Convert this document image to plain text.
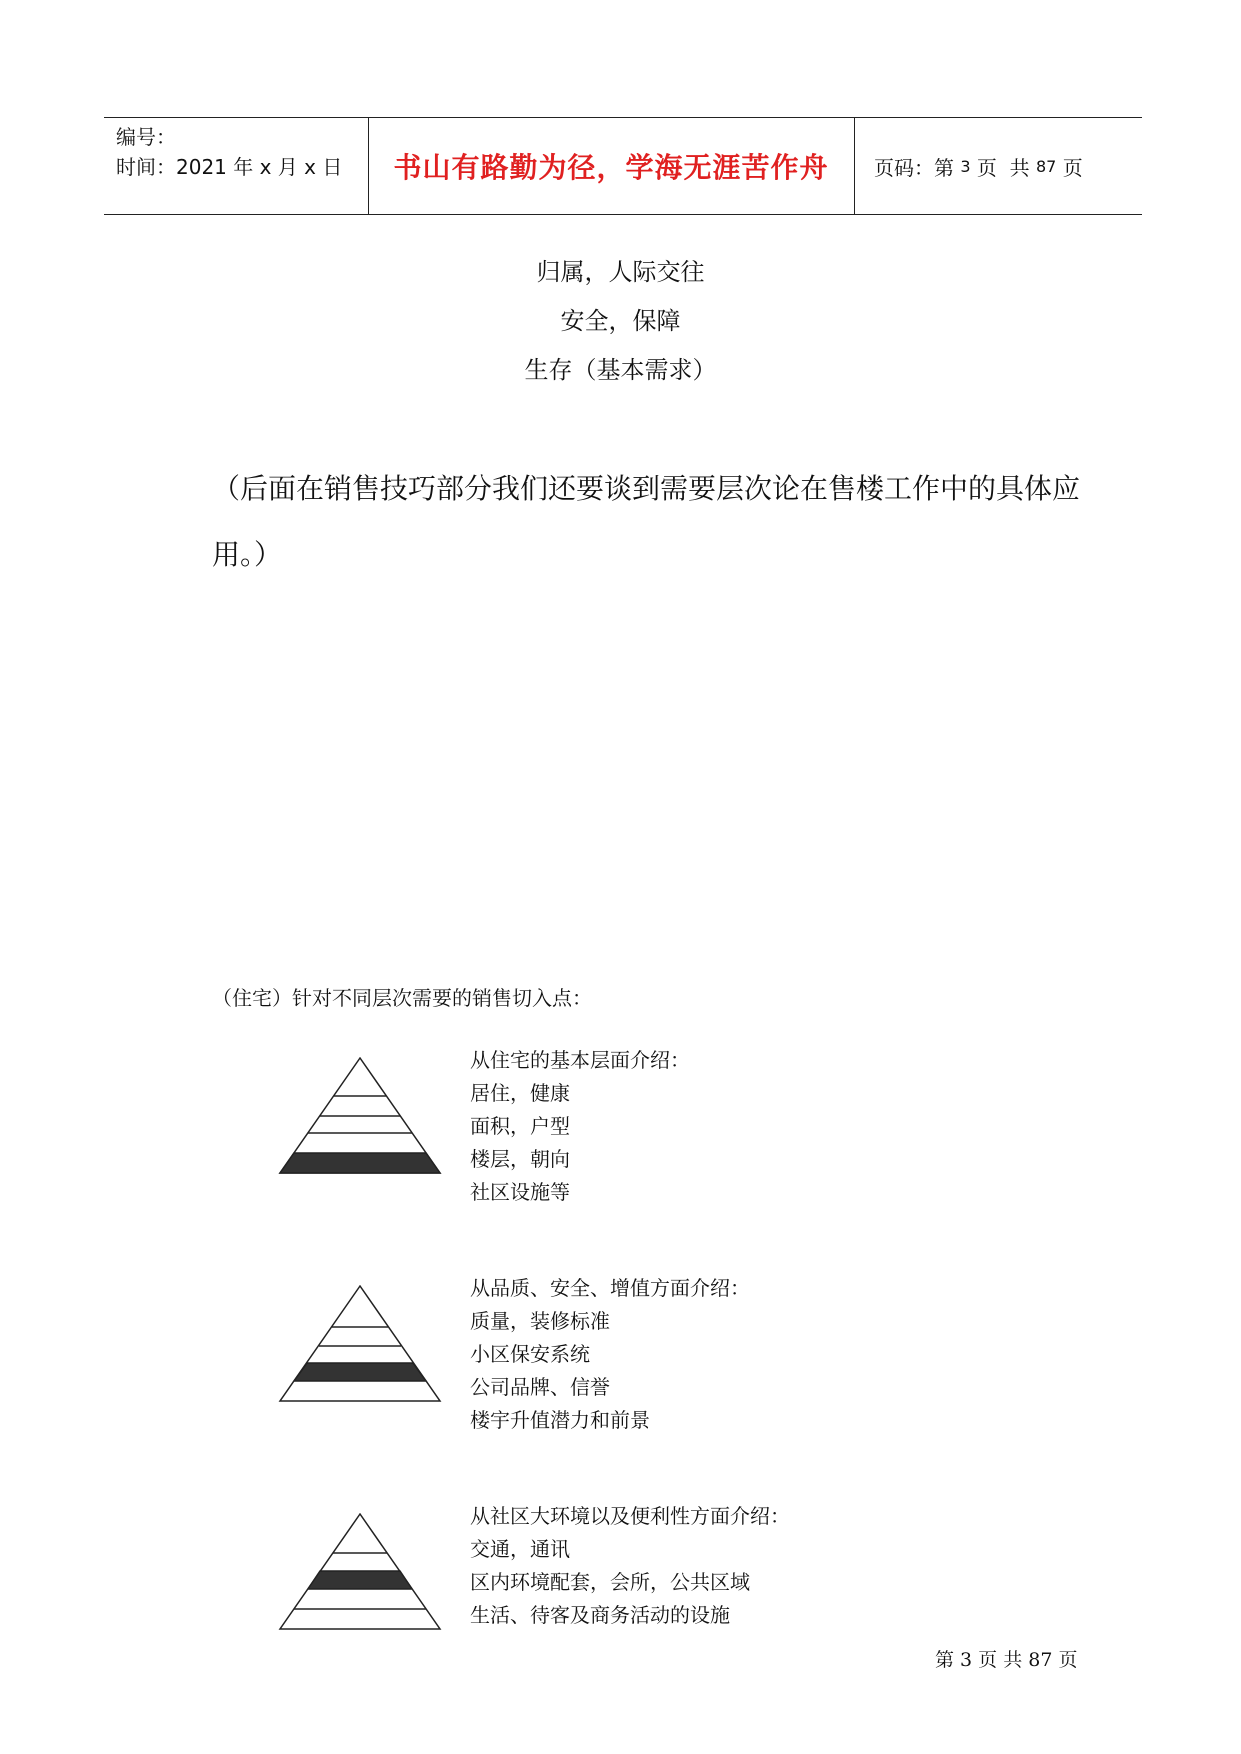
编号：
时间：2021 年 x 月 x 日	书山有路勤为径，学海无涯苦作舟	页码：第
3
页  共
87
页
归属，人际交往
安全，保障
生存（基本需求）
（后面在销售技巧部分我们还要谈到需要层次论在售楼工作中的具体应用。）
（住宅）针对不同层次需要的销售切入点：
从住宅的基本层面介绍：
居住，健康
面积，户型
楼层，朝向
社区设施等
从品质、安全、增值方面介绍：
质量，装修标准
小区保安系统
公司品牌、信誉
楼宇升值潜力和前景
从社区大环境以及便利性方面介绍：
交通，通讯
区内环境配套，会所，公共区域
生活、待客及商务活动的设施
第 3 页 共 87 页
